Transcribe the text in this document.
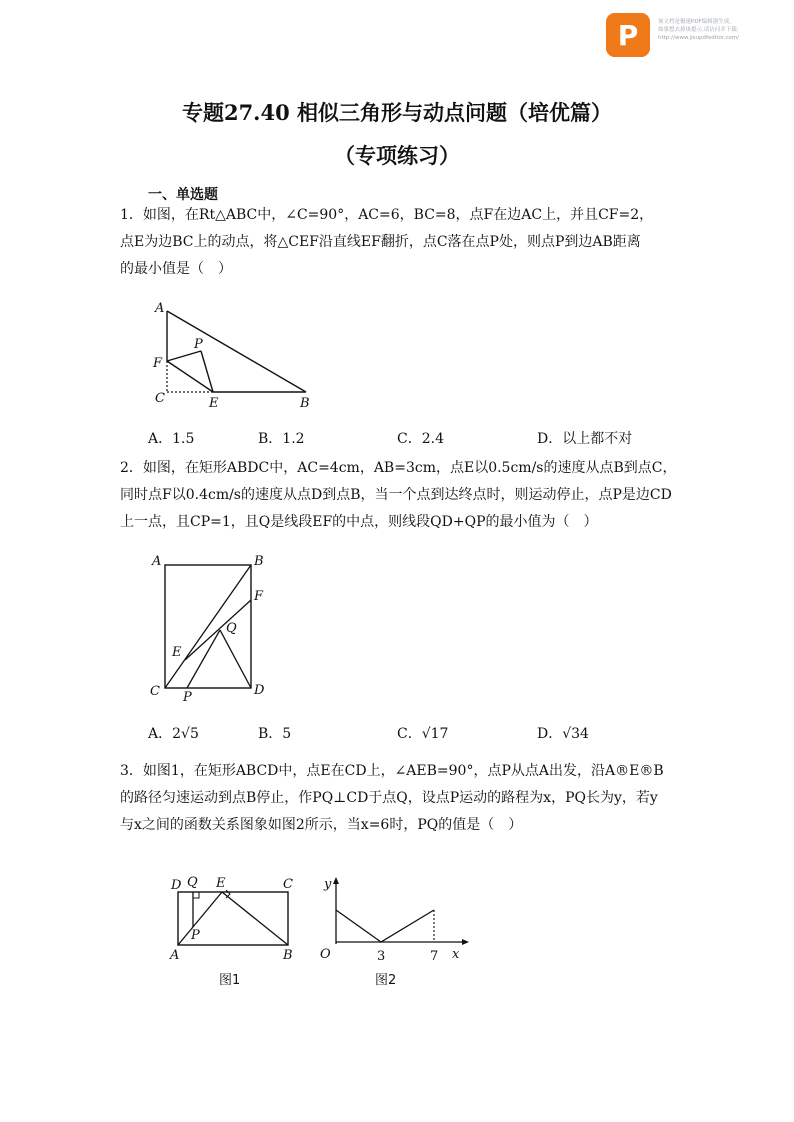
P	该文档是极速PDF编辑器生成,
如果想去掉该提示,请访问并下载:
http://www.jisupdfeditor.com/
专题27.40 相似三角形与动点问题（培优篇）
（专项练习）
一、单选题
1．如图，在Rt△ABC中，∠C=90°，AC=6，BC=8，点F在边AC上，并且CF=2，
点E为边BC上的动点，将△CEF沿直线EF翻折，点C落在点P处，则点P到边AB距离
的最小值是（　）
A
F
P
C	E	B
A．1.5	B．1.2	C．2.4	D．以上都不对
2．如图，在矩形ABDC中，AC=4cm，AB=3cm，点E以0.5cm/s的速度从点B到点C，
同时点F以0.4cm/s的速度从点D到点B，当一个点到达终点时，则运动停止，点P是边CD
上一点，且CP=1，且Q是线段EF的中点，则线段QD+QP的最小值为（　）
A	B
F
Q
E
C P	D
A．2√5	B．5	C．√17	D．√34
3．如图1，在矩形ABCD中，点E在CD上，∠AEB=90°，点P从点A出发，沿A®E®B
的路径匀速运动到点B停止，作PQ⊥CD于点Q，设点P运动的路程为x，PQ长为y，若y
与x之间的函数关系图象如图2所示，当x=6时，PQ的值是（　）
D Q E	C
P
A	B
y
O	3	7 x
图1	图2
